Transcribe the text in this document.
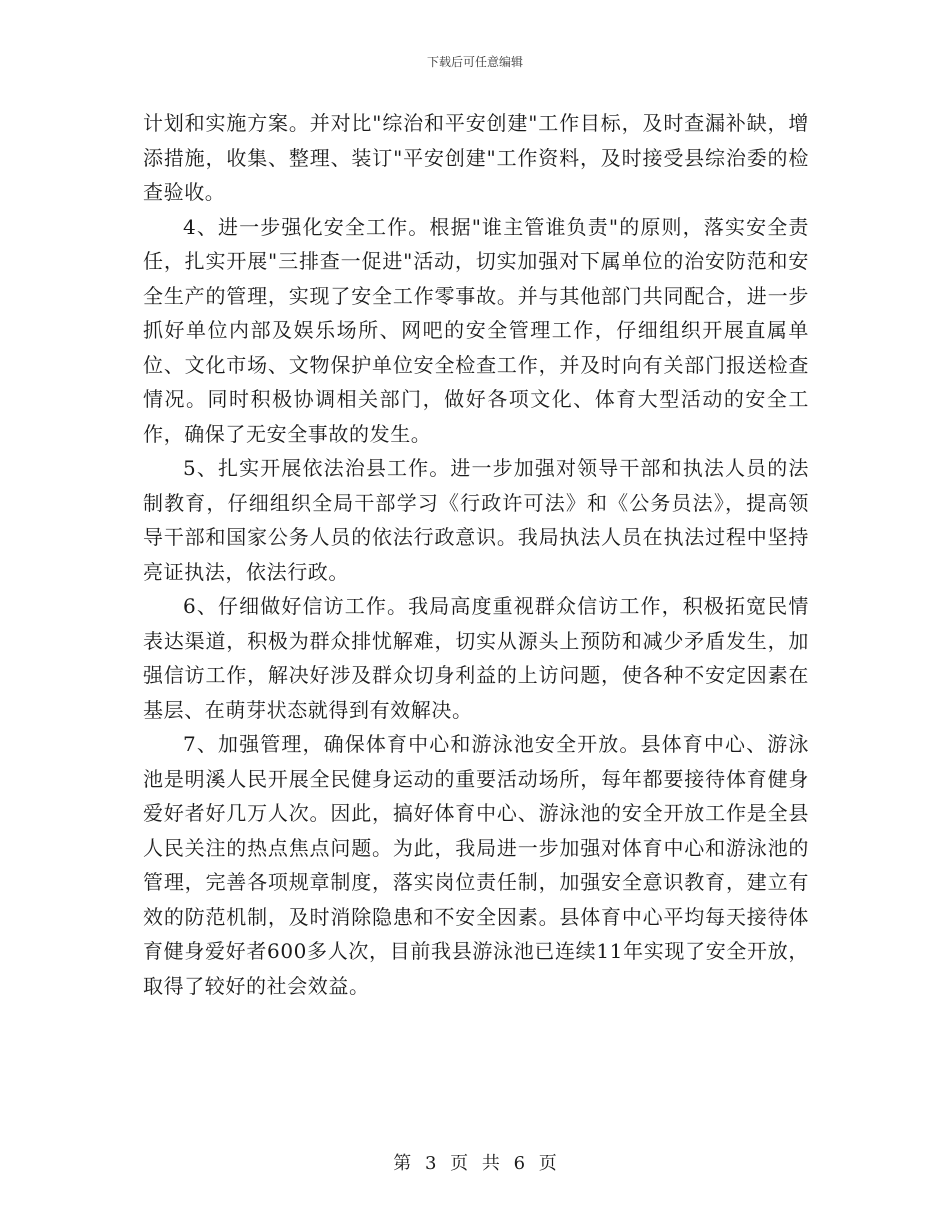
下载后可任意编辑

计划和实施方案。并对比"综治和平安创建"工作目标，及时查漏补缺，增添措施，收集、整理、装订"平安创建"工作资料，及时接受县综治委的检查验收。

4、进一步强化安全工作。根据"谁主管谁负责"的原则，落实安全责任，扎实开展"三排查一促进"活动，切实加强对下属单位的治安防范和安全生产的管理，实现了安全工作零事故。并与其他部门共同配合，进一步抓好单位内部及娱乐场所、网吧的安全管理工作，仔细组织开展直属单位、文化市场、文物保护单位安全检查工作，并及时向有关部门报送检查情况。同时积极协调相关部门，做好各项文化、体育大型活动的安全工作，确保了无安全事故的发生。

5、扎实开展依法治县工作。进一步加强对领导干部和执法人员的法制教育，仔细组织全局干部学习《行政许可法》和《公务员法》，提高领导干部和国家公务人员的依法行政意识。我局执法人员在执法过程中坚持亮证执法，依法行政。

6、仔细做好信访工作。我局高度重视群众信访工作，积极拓宽民情表达渠道，积极为群众排忧解难，切实从源头上预防和减少矛盾发生，加强信访工作，解决好涉及群众切身利益的上访问题，使各种不安定因素在基层、在萌芽状态就得到有效解决。

7、加强管理，确保体育中心和游泳池安全开放。县体育中心、游泳池是明溪人民开展全民健身运动的重要活动场所，每年都要接待体育健身爱好者好几万人次。因此，搞好体育中心、游泳池的安全开放工作是全县人民关注的热点焦点问题。为此，我局进一步加强对体育中心和游泳池的管理，完善各项规章制度，落实岗位责任制，加强安全意识教育，建立有效的防范机制，及时消除隐患和不安全因素。县体育中心平均每天接待体育健身爱好者600多人次，目前我县游泳池已连续11年实现了安全开放，取得了较好的社会效益。

第 3 页 共 6 页
